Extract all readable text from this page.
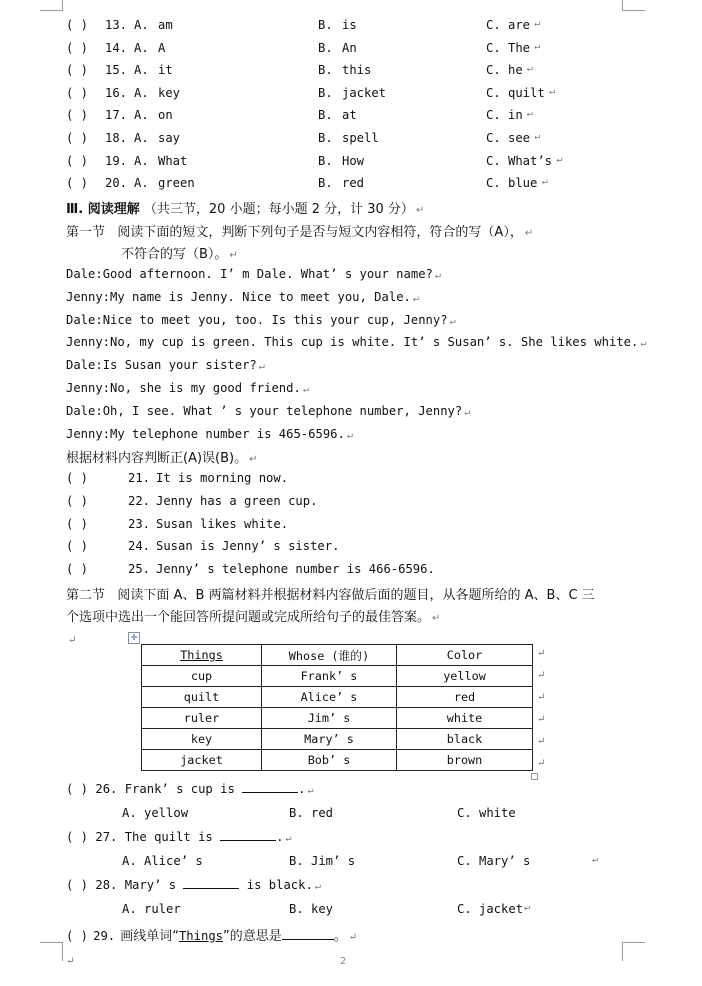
( ) 13. A. am	B. is	C. are ↵
( ) 14. A. A	B. An	C. The ↵
( ) 15. A. it	B. this	C. he ↵
( ) 16. A. key	B. jacket	C. quilt ↵
( ) 17. A. on	B. at	C. in ↵
( ) 18. A. say	B. spell	C. see ↵
( ) 19. A. What	B. How	C. What’s ↵
( ) 20. A. green	B. red	C. blue ↵
Ⅲ. 阅读理解 （共三节，20 小题；每小题 2 分，计 30 分） ↵
第一节 阅读下面的短文，判断下列句子是否与短文内容相符，符合的写（A）， ↵
不符合的写（B）。 ↵
Dale:Good afternoon. I’ m Dale. What’ s your name? ↵
Jenny:My name is Jenny. Nice to meet you, Dale. ↵
Dale:Nice to meet you, too. Is this your cup, Jenny? ↵
Jenny:No, my cup is green. This cup is white. It’ s Susan’ s. She likes white. ↵
Dale:Is Susan your sister? ↵
Jenny:No, she is my good friend. ↵
Dale:Oh, I see. What ’ s your telephone number, Jenny? ↵
Jenny:My telephone number is 465-6596. ↵
根据材料内容判断正(A)误(B)。 ↵
( )	21. It is morning now.
( )	22. Jenny has a green cup.
( )	23. Susan likes white.
( )	24. Susan is Jenny’ s sister.
( )	25. Jenny’ s telephone number is 466-6596.
第二节 阅读下面 A、B 两篇材料并根据材料内容做后面的题目，从各题所给的 A、B、C 三
个选项中选出一个能回答所提问题或完成所给句子的最佳答案。 ↵
↵	✛
Things	Whose (谁的)	Color
cup	Frank’ s	yellow
quilt	Alice’ s	red
ruler	Jim’ s	white
key	Mary’ s	black
jacket	Bob’ s	brown
( ) 26. Frank’ s cup is	. ↵
A. yellow	B. red	C. white
( ) 27. The quilt is	. ↵
A. Alice’ s	B. Jim’ s	C. Mary’ s	↵
( ) 28. Mary’ s	is black. ↵
A. ruler	B. key	C. jacket ↵
( ) 29. 画线单词“Things”的意思是	。 ↵
↵	2
↵
↵
↵
↵
↵
↵
